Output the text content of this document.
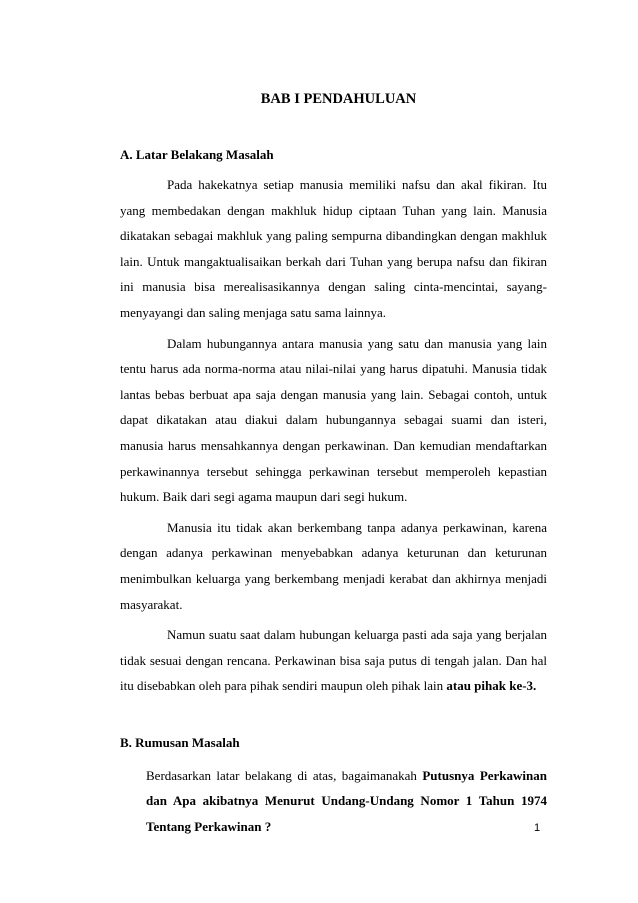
BAB I PENDAHULUAN
A. Latar Belakang Masalah

Pada hakekatnya setiap manusia memiliki nafsu dan akal fikiran. Itu yang membedakan dengan makhluk hidup ciptaan Tuhan yang lain. Manusia dikatakan sebagai makhluk yang paling sempurna dibandingkan dengan makhluk lain. Untuk mangaktualisaikan berkah dari Tuhan yang berupa nafsu dan fikiran ini manusia bisa merealisasikannya dengan saling cinta-mencintai, sayang-menyayangi dan saling menjaga satu sama lainnya.

Dalam hubungannya antara manusia yang satu dan manusia yang lain tentu harus ada norma-norma atau nilai-nilai yang harus dipatuhi. Manusia tidak lantas bebas berbuat apa saja dengan manusia yang lain. Sebagai contoh, untuk dapat dikatakan atau diakui dalam hubungannya sebagai suami dan isteri, manusia harus mensahkannya dengan perkawinan. Dan kemudian mendaftarkan perkawinannya tersebut sehingga perkawinan tersebut memperoleh kepastian hukum. Baik dari segi agama maupun dari segi hukum.

Manusia itu tidak akan berkembang tanpa adanya perkawinan, karena dengan adanya perkawinan menyebabkan adanya keturunan dan keturunan menimbulkan keluarga yang berkembang menjadi kerabat dan akhirnya menjadi masyarakat.

Namun suatu saat dalam hubungan keluarga pasti ada saja yang berjalan tidak sesuai dengan rencana. Perkawinan bisa saja putus di tengah jalan. Dan hal itu disebabkan oleh para pihak sendiri maupun oleh pihak lain atau pihak ke-3.

B. Rumusan Masalah

Berdasarkan latar belakang di atas, bagaimanakah Putusnya Perkawinan dan Apa akibatnya Menurut Undang-Undang Nomor 1 Tahun 1974 Tentang Perkawinan ?	1
